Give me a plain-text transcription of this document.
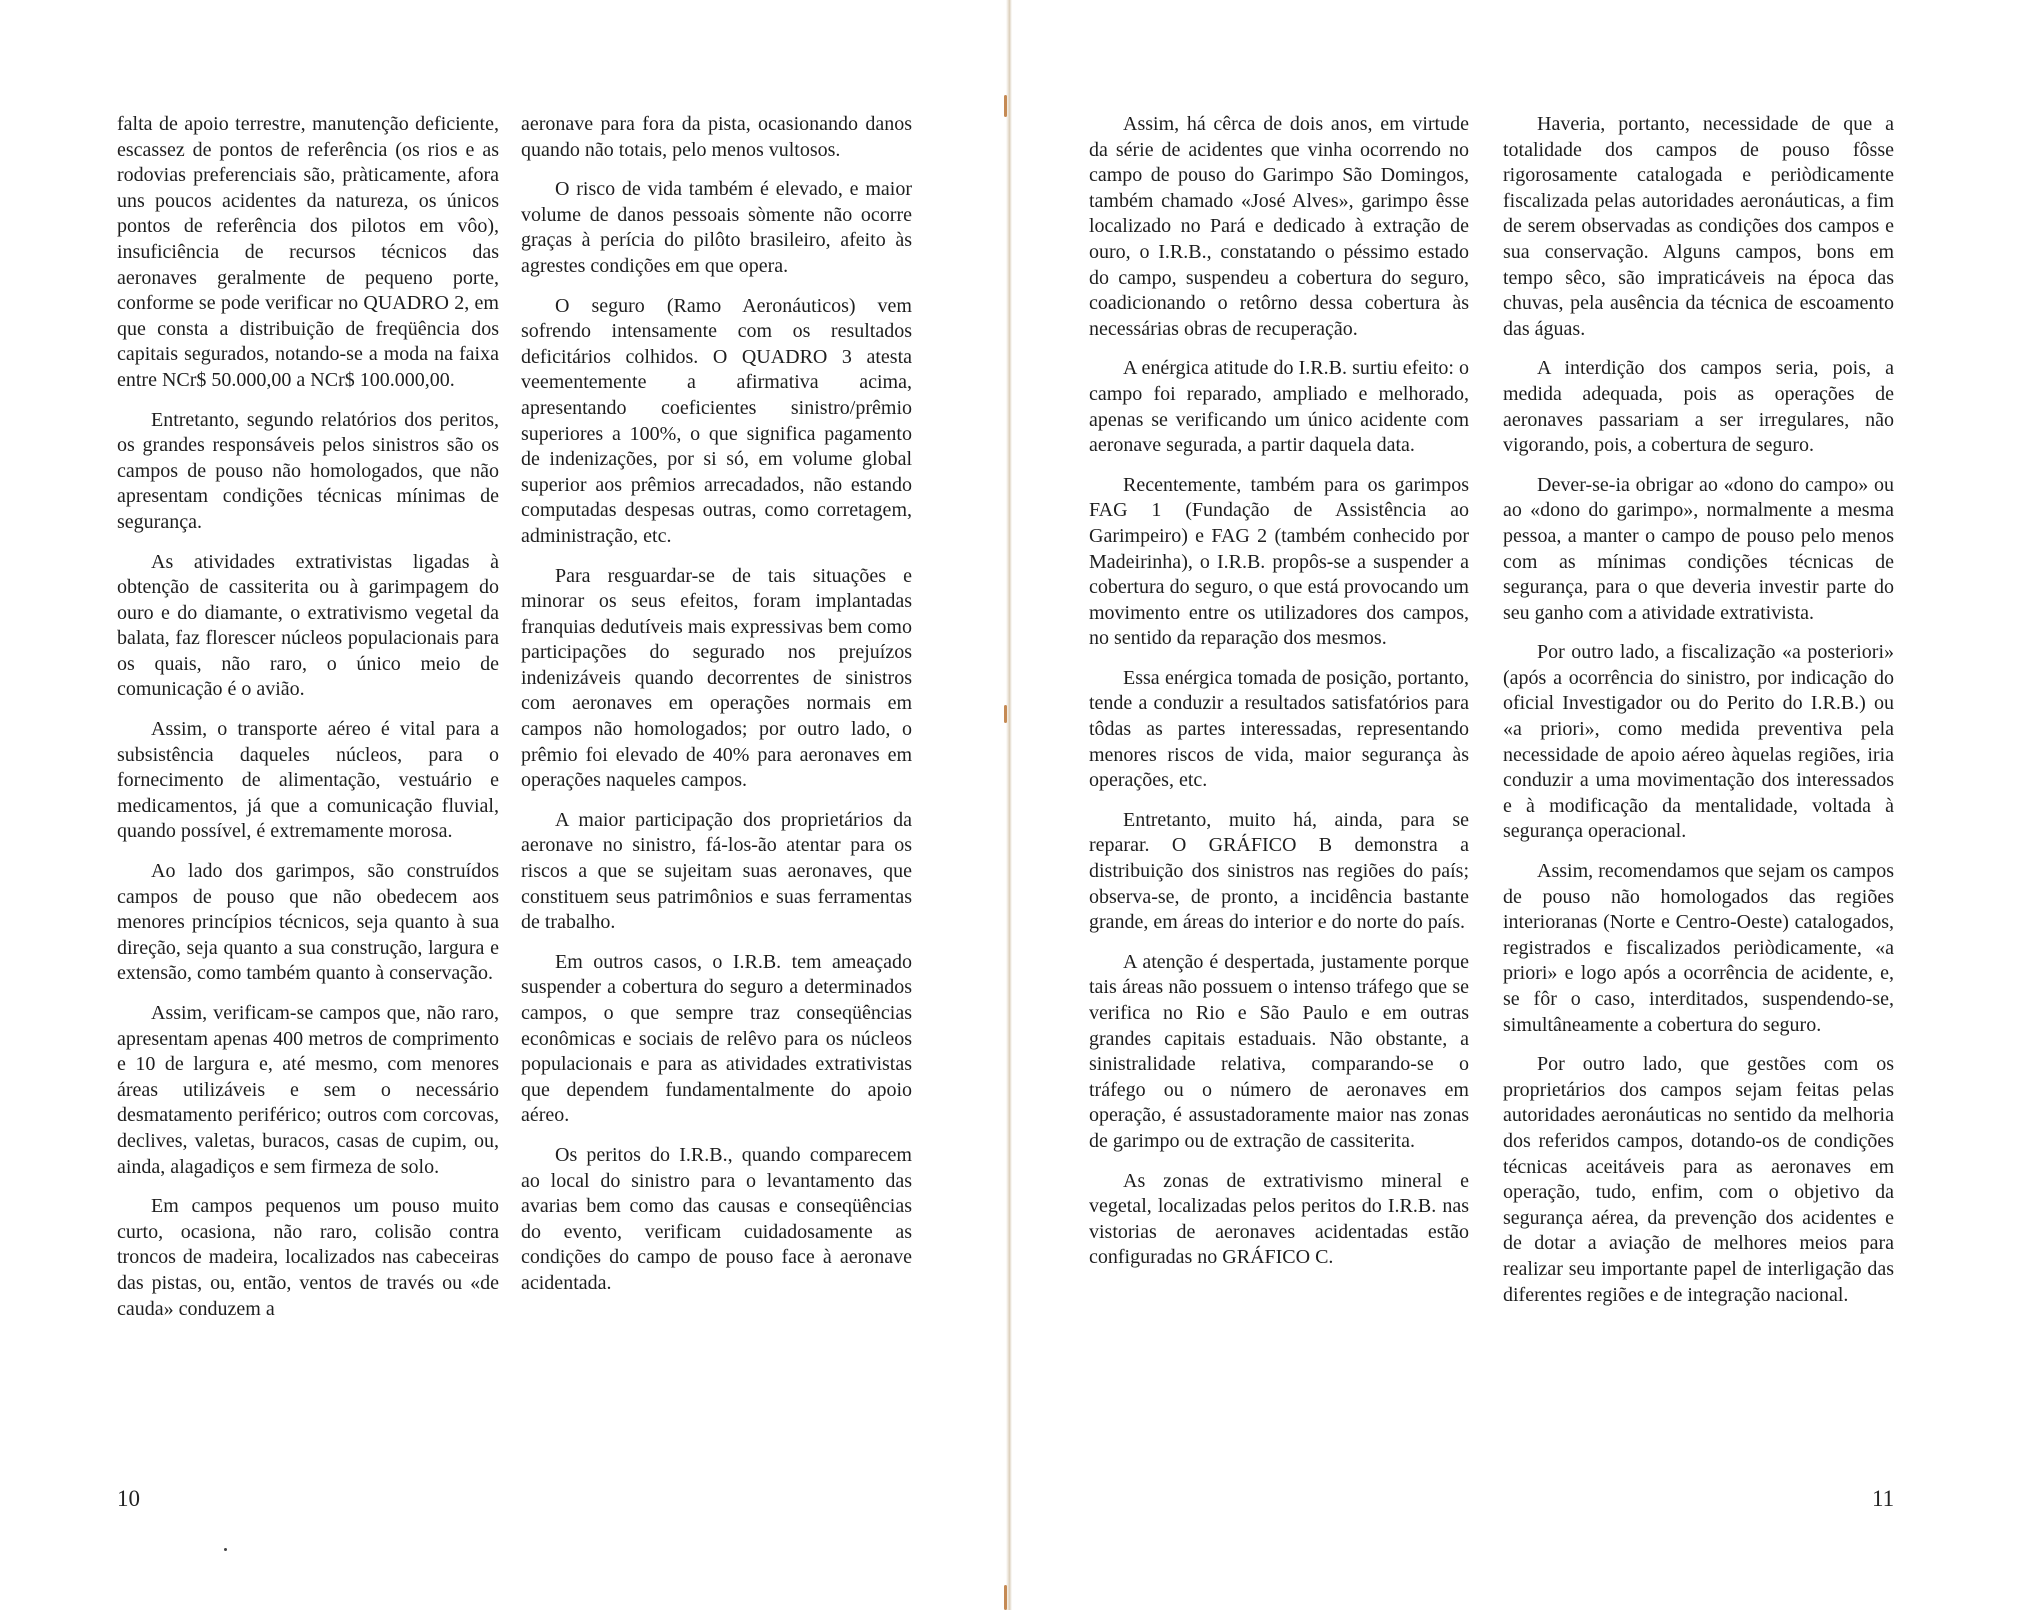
falta de apoio terrestre, manutenção deficiente, escassez de pontos de referência (os rios e as rodovias preferenciais são, pràticamente, afora uns poucos acidentes da natureza, os únicos pontos de referência dos pilotos em vôo), insuficiência de recursos técnicos das aeronaves geralmente de pequeno porte, conforme se pode verificar no QUADRO 2, em que consta a distribuição de freqüência dos capitais segurados, notando-se a moda na faixa entre NCr$ 50.000,00 a NCr$ 100.000,00.

Entretanto, segundo relatórios dos peritos, os grandes responsáveis pelos sinistros são os campos de pouso não homologados, que não apresentam condições técnicas mínimas de segurança.

As atividades extrativistas ligadas à obtenção de cassiterita ou à garimpagem do ouro e do diamante, o extrativismo vegetal da balata, faz florescer núcleos populacionais para os quais, não raro, o único meio de comunicação é o avião.

Assim, o transporte aéreo é vital para a subsistência daqueles núcleos, para o fornecimento de alimentação, vestuário e medicamentos, já que a comunicação fluvial, quando possível, é extremamente morosa.

Ao lado dos garimpos, são construídos campos de pouso que não obedecem aos menores princípios técnicos, seja quanto à sua direção, seja quanto a sua construção, largura e extensão, como também quanto à conservação.

Assim, verificam-se campos que, não raro, apresentam apenas 400 metros de comprimento e 10 de largura e, até mesmo, com menores áreas utilizáveis e sem o necessário desmatamento periférico; outros com corcovas, declives, valetas, buracos, casas de cupim, ou, ainda, alagadiços e sem firmeza de solo.

Em campos pequenos um pouso muito curto, ocasiona, não raro, colisão contra troncos de madeira, localizados nas cabeceiras das pistas, ou, então, ventos de través ou «de cauda» conduzem a

aeronave para fora da pista, ocasionando danos quando não totais, pelo menos vultosos.

O risco de vida também é elevado, e maior volume de danos pessoais sòmente não ocorre graças à perícia do pilôto brasileiro, afeito às agrestes condições em que opera.

O seguro (Ramo Aeronáuticos) vem sofrendo intensamente com os resultados deficitários colhidos. O QUADRO 3 atesta veementemente a afirmativa acima, apresentando coeficientes sinistro/prêmio superiores a 100%, o que significa pagamento de indenizações, por si só, em volume global superior aos prêmios arrecadados, não estando computadas despesas outras, como corretagem, administração, etc.

Para resguardar-se de tais situações e minorar os seus efeitos, foram implantadas franquias dedutíveis mais expressivas bem como participações do segurado nos prejuízos indenizáveis quando decorrentes de sinistros com aeronaves em operações normais em campos não homologados; por outro lado, o prêmio foi elevado de 40% para aeronaves em operações naqueles campos.

A maior participação dos proprietários da aeronave no sinistro, fá-los-ão atentar para os riscos a que se sujeitam suas aeronaves, que constituem seus patrimônios e suas ferramentas de trabalho.

Em outros casos, o I.R.B. tem ameaçado suspender a cobertura do seguro a determinados campos, o que sempre traz conseqüências econômicas e sociais de relêvo para os núcleos populacionais e para as atividades extrativistas que dependem fundamentalmente do apoio aéreo.

Os peritos do I.R.B., quando comparecem ao local do sinistro para o levantamento das avarias bem como das causas e conseqüências do evento, verificam cuidadosamente as condições do campo de pouso face à aeronave acidentada.

10

Assim, há cêrca de dois anos, em virtude da série de acidentes que vinha ocorrendo no campo de pouso do Garimpo São Domingos, também chamado «José Alves», garimpo êsse localizado no Pará e dedicado à extração de ouro, o I.R.B., constatando o péssimo estado do campo, suspendeu a cobertura do seguro, coadicionando o retôrno dessa cobertura às necessárias obras de recuperação.

A enérgica atitude do I.R.B. surtiu efeito: o campo foi reparado, ampliado e melhorado, apenas se verificando um único acidente com aeronave segurada, a partir daquela data.

Recentemente, também para os garimpos FAG 1 (Fundação de Assistência ao Garimpeiro) e FAG 2 (também conhecido por Madeirinha), o I.R.B. propôs-se a suspender a cobertura do seguro, o que está provocando um movimento entre os utilizadores dos campos, no sentido da reparação dos mesmos.

Essa enérgica tomada de posição, portanto, tende a conduzir a resultados satisfatórios para tôdas as partes interessadas, representando menores riscos de vida, maior segurança às operações, etc.

Entretanto, muito há, ainda, para se reparar. O GRÁFICO B demonstra a distribuição dos sinistros nas regiões do país; observa-se, de pronto, a incidência bastante grande, em áreas do interior e do norte do país.

A atenção é despertada, justamente porque tais áreas não possuem o intenso tráfego que se verifica no Rio e São Paulo e em outras grandes capitais estaduais. Não obstante, a sinistralidade relativa, comparando-se o tráfego ou o número de aeronaves em operação, é assustadoramente maior nas zonas de garimpo ou de extração de cassiterita.

As zonas de extrativismo mineral e vegetal, localizadas pelos peritos do I.R.B. nas vistorias de aeronaves acidentadas estão configuradas no GRÁFICO C.

Haveria, portanto, necessidade de que a totalidade dos campos de pouso fôsse rigorosamente catalogada e periòdicamente fiscalizada pelas autoridades aeronáuticas, a fim de serem observadas as condições dos campos e sua conservação. Alguns campos, bons em tempo sêco, são impraticáveis na época das chuvas, pela ausência da técnica de escoamento das águas.

A interdição dos campos seria, pois, a medida adequada, pois as operações de aeronaves passariam a ser irregulares, não vigorando, pois, a cobertura de seguro.

Dever-se-ia obrigar ao «dono do campo» ou ao «dono do garimpo», normalmente a mesma pessoa, a manter o campo de pouso pelo menos com as mínimas condições técnicas de segurança, para o que deveria investir parte do seu ganho com a atividade extrativista.

Por outro lado, a fiscalização «a posteriori» (após a ocorrência do sinistro, por indicação do oficial Investigador ou do Perito do I.R.B.) ou «a priori», como medida preventiva pela necessidade de apoio aéreo àquelas regiões, iria conduzir a uma movimentação dos interessados e à modificação da mentalidade, voltada à segurança operacional.

Assim, recomendamos que sejam os campos de pouso não homologados das regiões interioranas (Norte e Centro-Oeste) catalogados, registrados e fiscalizados periòdicamente, «a priori» e logo após a ocorrência de acidente, e, se fôr o caso, interditados, suspendendo-se, simultâneamente a cobertura do seguro.

Por outro lado, que gestões com os proprietários dos campos sejam feitas pelas autoridades aeronáuticas no sentido da melhoria dos referidos campos, dotando-os de condições técnicas aceitáveis para as aeronaves em operação, tudo, enfim, com o objetivo da segurança aérea, da prevenção dos acidentes e de dotar a aviação de melhores meios para realizar seu importante papel de interligação das diferentes regiões e de integração nacional.

11
